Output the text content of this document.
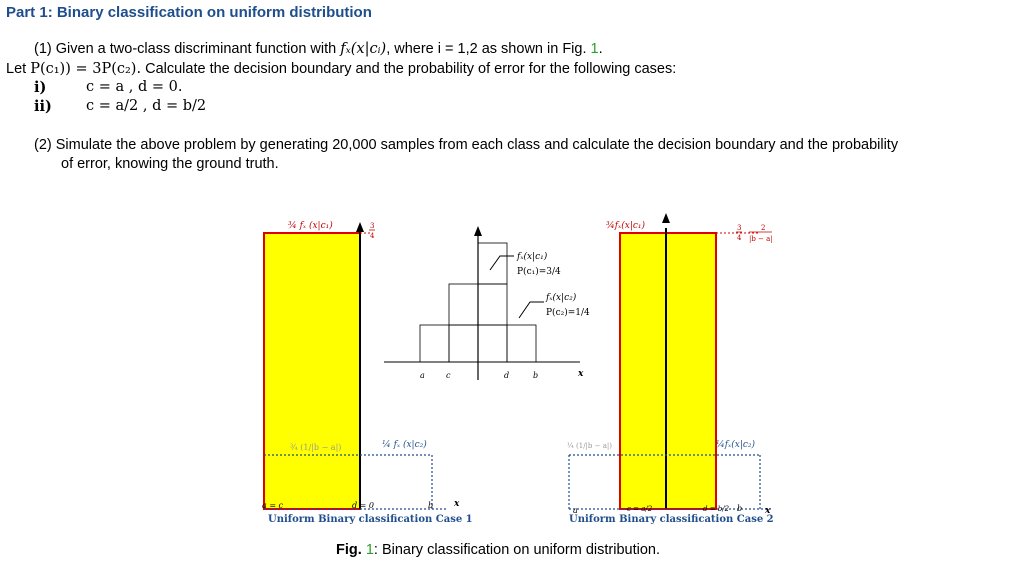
Part 1: Binary classification on uniform distribution
(1) Given a two-class discriminant function with fₓ(x|cᵢ), where i = 1,2 as shown in Fig. 1.
Let P(c₁)) = 3P(c₂). Calculate the decision boundary and the probability of error for the following cases:
i)	c = a , d = 0.
ii) c = a/2 , d = b/2
(2) Simulate the above problem by generating 20,000 samples from each class and calculate the decision boundary and the probability
of error, knowing the ground truth.
¾ fₓ (x|c₁)	3
4
¾ (1/|b − a|)	¼ fₓ (x|c₂)
a = c	d = 0	b x
Uniform Binary classification Case 1
fₓ(x|c₁)
P(c₁)=3/4
fₓ(x|c₂)
P(c₂)=1/4
a	c	d	b	x
¾fₓ(x|c₁)	3
4 ·
2
|b − a|
¼ (1/|b − a|)	¼fₓ(x|c₂)
a	c = a/2	d = b/2 b	x
Uniform Binary classification Case 2
Fig. 1: Binary classification on uniform distribution.
